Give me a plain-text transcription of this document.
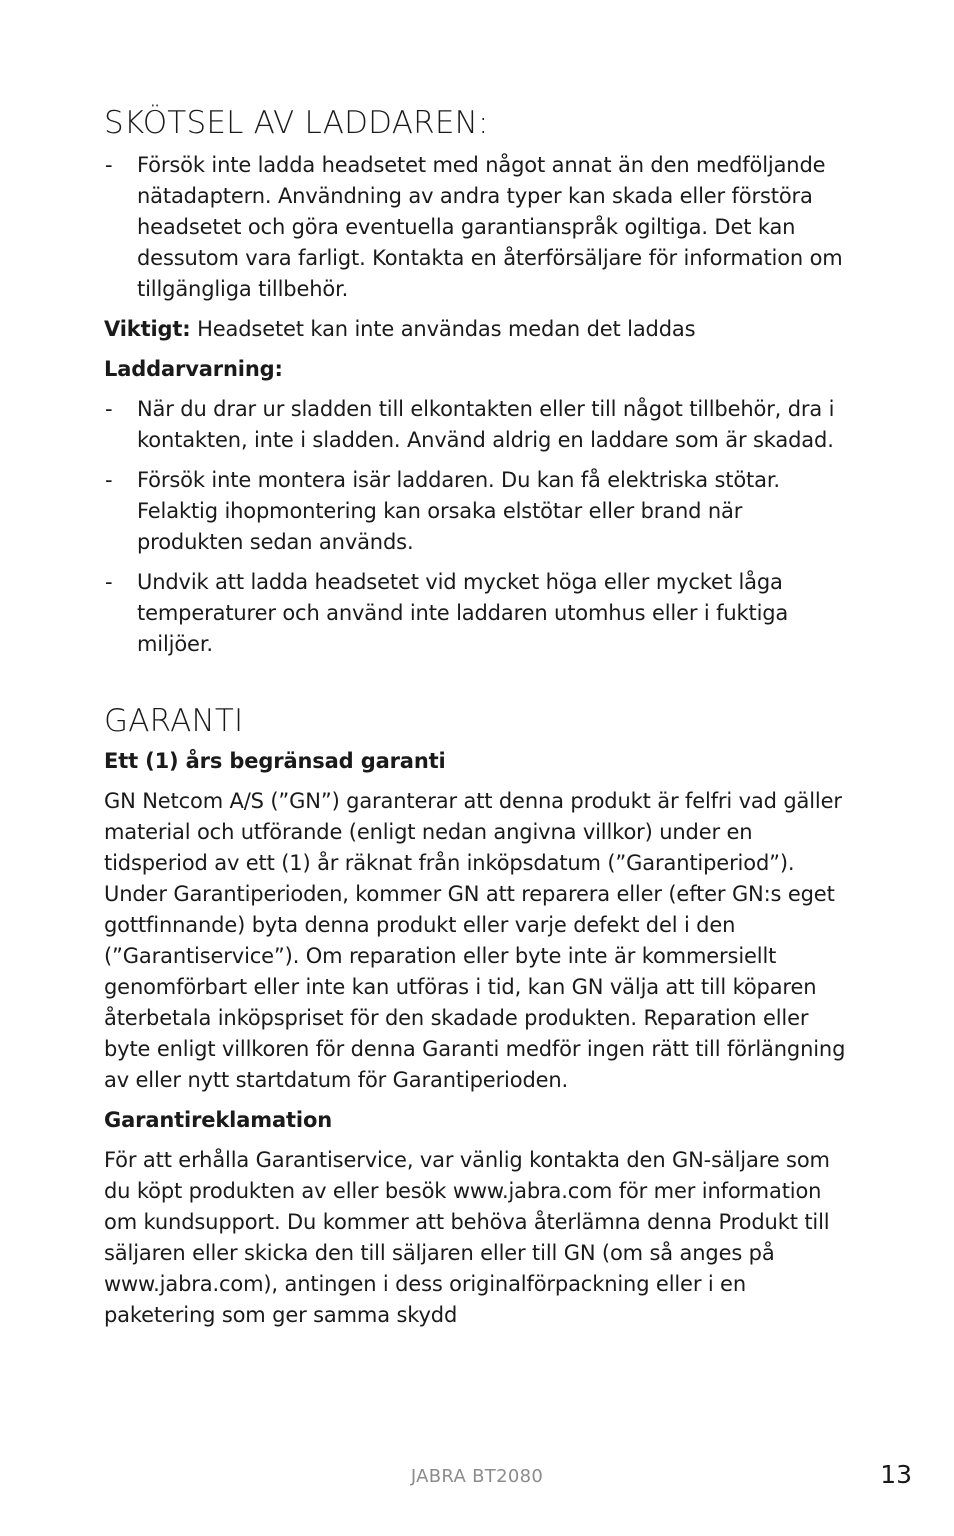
SKÖTSEL AV LADDAREN:
- Försök inte ladda headsetet med något annat än den medföljande nätadaptern. Användning av andra typer kan skada eller förstöra headsetet och göra eventuella garantianspråk ogiltiga. Det kan dessutom vara farligt. Kontakta en återförsäljare för information om tillgängliga tillbehör.

Viktigt: Headsetet kan inte användas medan det laddas

Laddarvarning:

- När du drar ur sladden till elkontakten eller till något tillbehör, dra i kontakten, inte i sladden. Använd aldrig en laddare som är skadad.
- Försök inte montera isär laddaren. Du kan få elektriska stötar. Felaktig ihopmontering kan orsaka elstötar eller brand när produkten sedan används.
- Undvik att ladda headsetet vid mycket höga eller mycket låga temperaturer och använd inte laddaren utomhus eller i fuktiga miljöer.
GARANTI

Ett (1) års begränsad garanti

GN Netcom A/S (”GN”) garanterar att denna produkt är felfri vad gäller material och utförande (enligt nedan angivna villkor) under en tidsperiod av ett (1) år räknat från inköpsdatum (”Garantiperiod”). Under Garantiperioden, kommer GN att reparera eller (efter GN:s eget gottfinnande) byta denna produkt eller varje defekt del i den (”Garantiservice”). Om reparation eller byte inte är kommersiellt genomförbart eller inte kan utföras i tid, kan GN välja att till köparen återbetala inköpspriset för den skadade produkten. Reparation eller byte enligt villkoren för denna Garanti medför ingen rätt till förlängning av eller nytt startdatum för Garantiperioden.

Garantireklamation

För att erhålla Garantiservice, var vänlig kontakta den GN-säljare som du köpt produkten av eller besök www.jabra.com för mer information om kundsupport. Du kommer att behöva återlämna denna Produkt till säljaren eller skicka den till säljaren eller till GN (om så anges på www.jabra.com), antingen i dess originalförpackning eller i en paketering som ger samma skydd

JABRA BT2080	13
